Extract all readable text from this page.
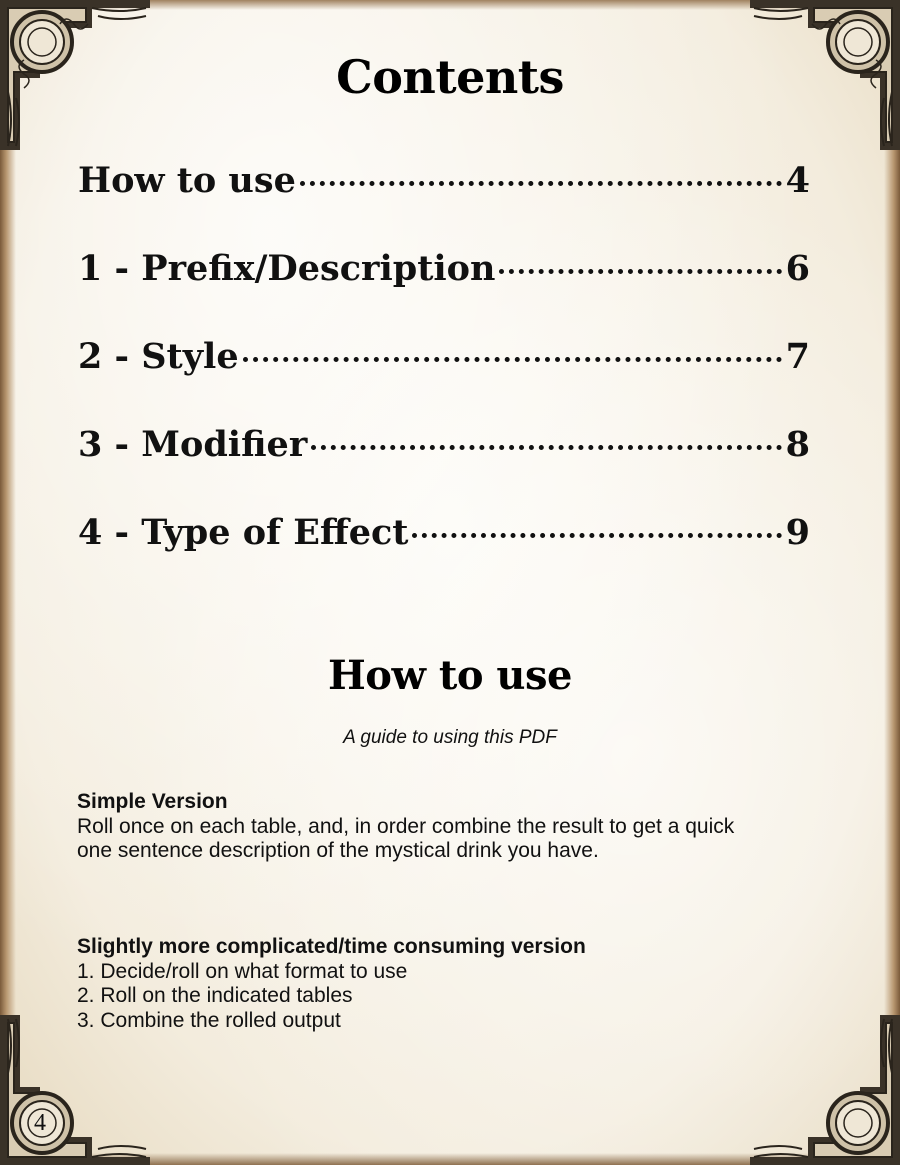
Contents
How to use	4
1 - Prefix/Description	6
2 - Style	7
3 - Modifier	8
4 - Type of Effect	9
How to use
A guide to using this PDF
Simple Version
Roll once on each table, and, in order combine the result to get a quick
one sentence description of the mystical drink you have.
Slightly more complicated/time consuming version
1. Decide/roll on what format to use
2. Roll on the indicated tables
3. Combine the rolled output
4
